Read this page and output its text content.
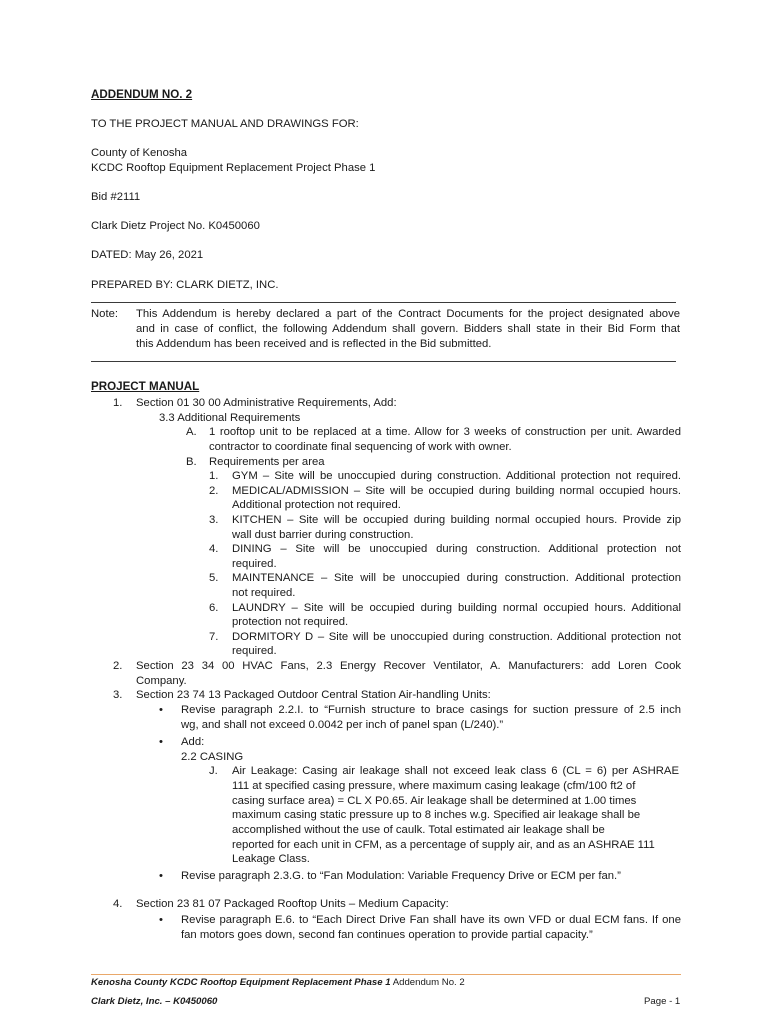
ADDENDUM NO. 2
TO THE PROJECT MANUAL AND DRAWINGS FOR:
County of Kenosha
KCDC Rooftop Equipment Replacement Project Phase 1
Bid #2111
Clark Dietz Project No. K0450060
DATED: May 26, 2021
PREPARED BY: CLARK DIETZ, INC.
Note: This Addendum is hereby declared a part of the Contract Documents for the project designated above
and in case of conflict, the following Addendum shall govern. Bidders shall state in their Bid Form that
this Addendum has been received and is reflected in the Bid submitted.
PROJECT MANUAL
1. Section 01 30 00 Administrative Requirements, Add:
3.3 Additional Requirements
A. 1 rooftop unit to be replaced at a time. Allow for 3 weeks of construction per unit. Awarded
contractor to coordinate final sequencing of work with owner.
B. Requirements per area
1. GYM – Site will be unoccupied during construction. Additional protection not required.
2. MEDICAL/ADMISSION – Site will be occupied during building normal occupied hours.
Additional protection not required.
3. KITCHEN – Site will be occupied during building normal occupied hours. Provide zip
wall dust barrier during construction.
4. DINING – Site will be unoccupied during construction. Additional protection not
required.
5. MAINTENANCE – Site will be unoccupied during construction. Additional protection
not required.
6. LAUNDRY – Site will be occupied during building normal occupied hours. Additional
protection not required.
7. DORMITORY D – Site will be unoccupied during construction. Additional protection not
required.
2. Section 23 34 00 HVAC Fans, 2.3 Energy Recover Ventilator, A. Manufacturers: add Loren Cook
Company.
3. Section 23 74 13 Packaged Outdoor Central Station Air-handling Units:
• Revise paragraph 2.2.I. to “Furnish structure to brace casings for suction pressure of 2.5 inch
wg, and shall not exceed 0.0042 per inch of panel span (L/240).”
• Add:
2.2 CASING
J. Air Leakage: Casing air leakage shall not exceed leak class 6 (CL = 6) per ASHRAE
111 at specified casing pressure, where maximum casing leakage (cfm/100 ft2 of
casing surface area) = CL X P0.65. Air leakage shall be determined at 1.00 times
maximum casing static pressure up to 8 inches w.g. Specified air leakage shall be
accomplished without the use of caulk. Total estimated air leakage shall be
reported for each unit in CFM, as a percentage of supply air, and as an ASHRAE 111
Leakage Class.
• Revise paragraph 2.3.G. to “Fan Modulation: Variable Frequency Drive or ECM per fan.”
4. Section 23 81 07 Packaged Rooftop Units – Medium Capacity:
• Revise paragraph E.6. to “Each Direct Drive Fan shall have its own VFD or dual ECM fans. If one
fan motors goes down, second fan continues operation to provide partial capacity.”
Kenosha County KCDC Rooftop Equipment Replacement Phase 1 Addendum No. 2
Clark Dietz, Inc. – K0450060	Page - 1
